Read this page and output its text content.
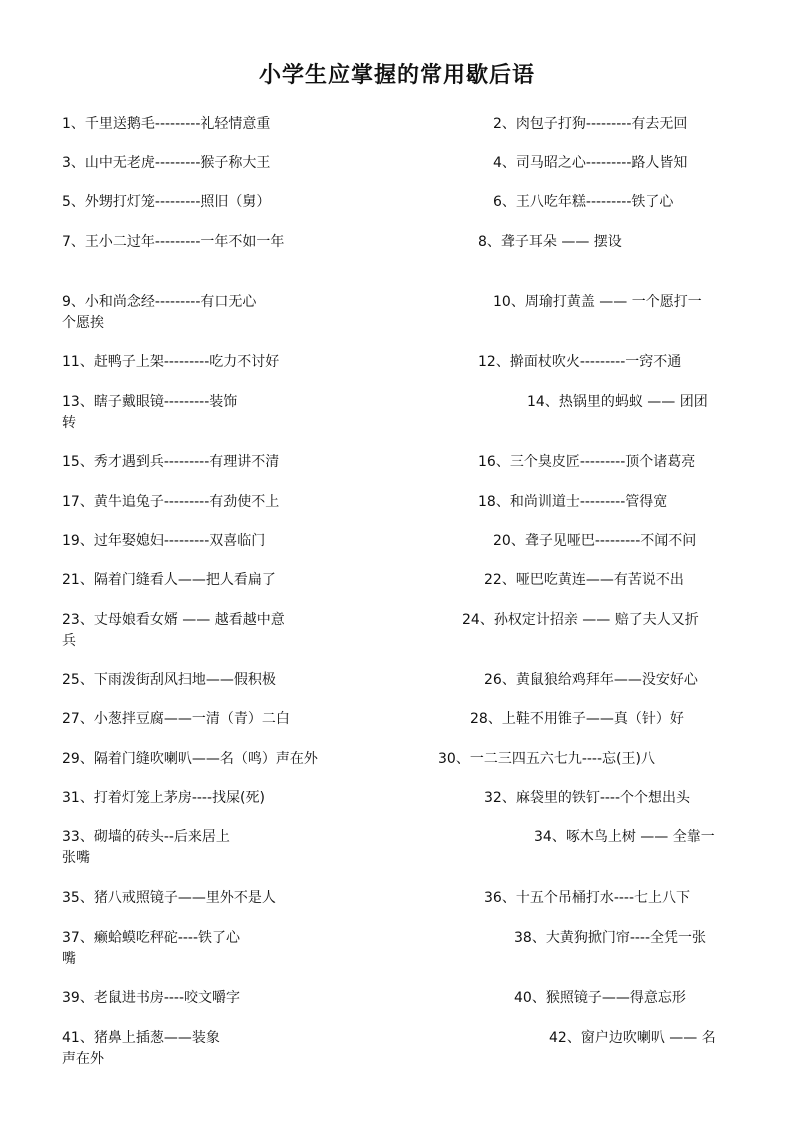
小学生应掌握的常用歇后语
1、千里送鹅毛---------礼轻情意重	2、肉包子打狗---------有去无回
3、山中无老虎---------猴子称大王	4、司马昭之心---------路人皆知
5、外甥打灯笼---------照旧（舅）	6、王八吃年糕---------铁了心
7、王小二过年---------一年不如一年	8、聋子耳朵 —— 摆设
9、小和尚念经---------有口无心	10、周瑜打黄盖 —— 一个愿打一
个愿挨
11、赶鸭子上架---------吃力不讨好	12、擀面杖吹火---------一窍不通
13、瞎子戴眼镜---------装饰	14、热锅里的蚂蚁 —— 团团
转
15、秀才遇到兵---------有理讲不清	16、三个臭皮匠---------顶个诸葛亮
17、黄牛追兔子---------有劲使不上	18、和尚训道士---------管得宽
19、过年娶媳妇---------双喜临门	20、聋子见哑巴---------不闻不问
21、隔着门缝看人——把人看扁了	22、哑巴吃黄连——有苦说不出
23、丈母娘看女婿 —— 越看越中意	24、孙权定计招亲 —— 赔了夫人又折
兵
25、下雨泼街刮风扫地——假积极	26、黄鼠狼给鸡拜年——没安好心
27、小葱拌豆腐——一清（青）二白	28、上鞋不用锥子——真（针）好
29、隔着门缝吹喇叭——名（鸣）声在外	30、一二三四五六七九----忘(王)八
31、打着灯笼上茅房----找屎(死)	32、麻袋里的铁钉----个个想出头
33、砌墙的砖头--后来居上	34、啄木鸟上树 —— 全靠一
张嘴
35、猪八戒照镜子——里外不是人	36、十五个吊桶打水----七上八下
37、癞蛤蟆吃秤砣----铁了心	38、大黄狗掀门帘----全凭一张
嘴
39、老鼠进书房----咬文嚼字	40、猴照镜子——得意忘形
41、猪鼻上插葱——装象	42、窗户边吹喇叭 —— 名
声在外
